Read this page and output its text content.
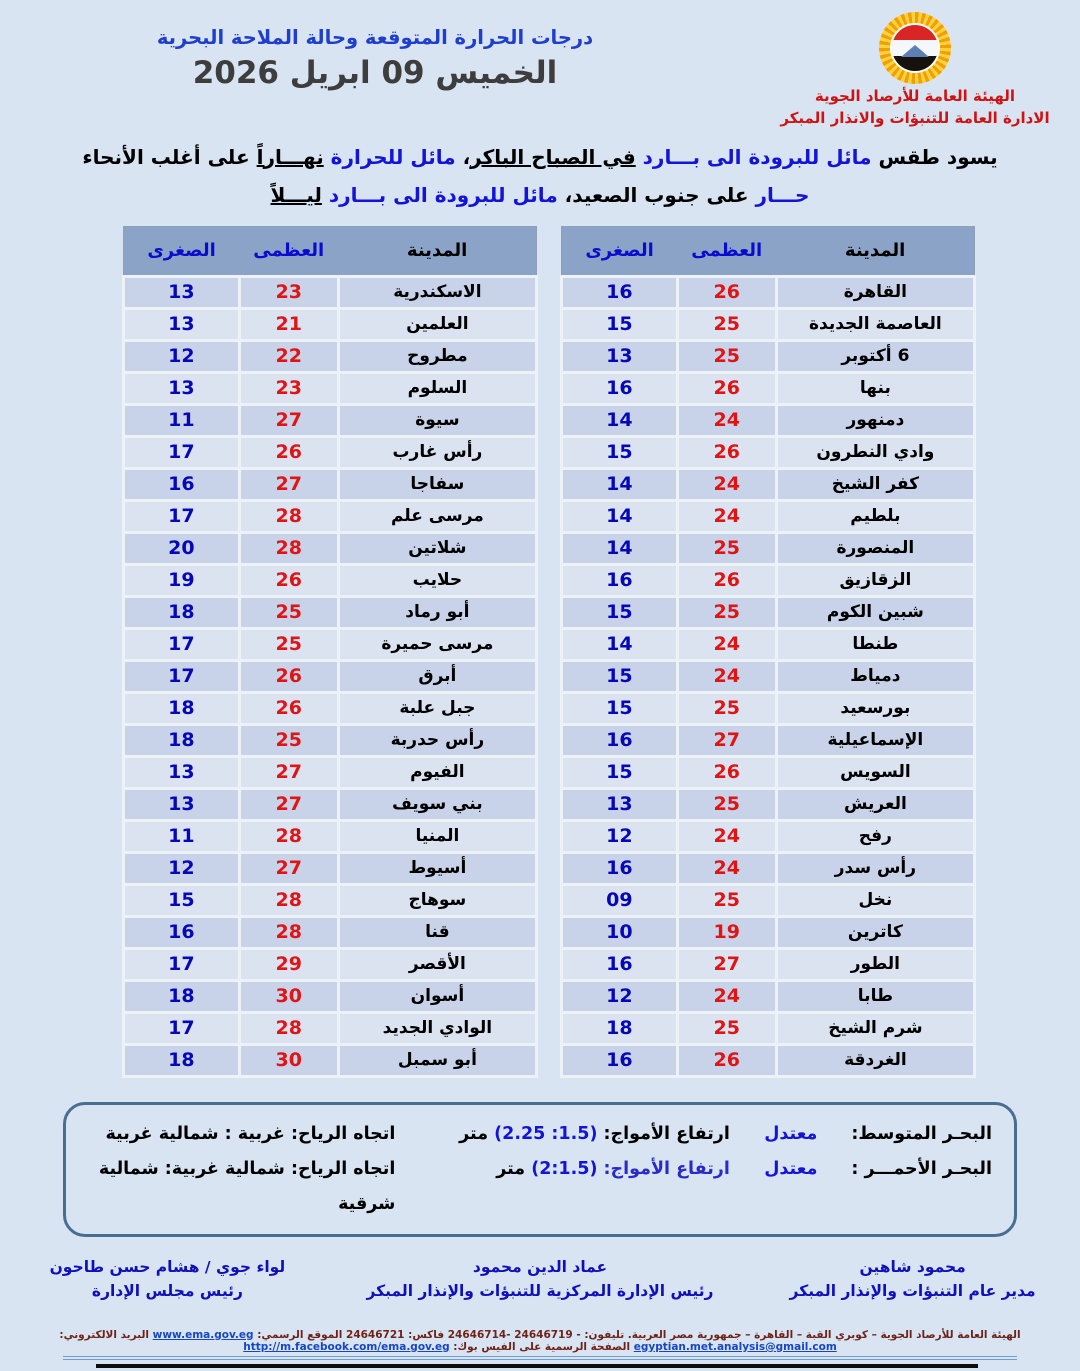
الهيئة العامة للأرصاد الجوية
الادارة العامة للتنبؤات والانذار المبكر
درجات الحرارة المتوقعة وحالة الملاحة البحرية
الخميس 09 ابريل 2026
يسود طقس مائل للبرودة الى بـــارد في الصباح الباكر، مائل للحرارة نهـــاراً على أغلب الأنحاء
حـــار على جنوب الصعيد، مائل للبرودة الى بـــارد ليـــلاً
المدينة	العظمى	الصغرى
القاهرة	26	16
العاصمة الجديدة	25	15
6 أكتوبر	25	13
بنها	26	16
دمنهور	24	14
وادي النطرون	26	15
كفر الشيخ	24	14
بلطيم	24	14
المنصورة	25	14
الزقازيق	26	16
شبين الكوم	25	15
طنطا	24	14
دمياط	24	15
بورسعيد	25	15
الإسماعيلية	27	16
السويس	26	15
العريش	25	13
رفح	24	12
رأس سدر	24	16
نخل	25	09
كاترين	19	10
الطور	27	16
طابا	24	12
شرم الشيخ	25	18
الغردقة	26	16
المدينة	العظمى	الصغرى
الاسكندرية	23	13
العلمين	21	13
مطروح	22	12
السلوم	23	13
سيوة	27	11
رأس غارب	26	17
سفاجا	27	16
مرسى علم	28	17
شلاتين	28	20
حلايب	26	19
أبو رماد	25	18
مرسى حميرة	25	17
أبرق	26	17
جبل علبة	26	18
رأس حدربة	25	18
الفيوم	27	13
بني سويف	27	13
المنيا	28	11
أسيوط	27	12
سوهاج	28	15
قنا	28	16
الأقصر	29	17
أسوان	30	18
الوادي الجديد	28	17
أبو سمبل	30	18
البحـر المتوسط:
معتدل
ارتفاع الأمواج: (1.5: 2.25) متر
اتجاه الرياح: غربية : شمالية غربية
البحـر الأحمـــر :
معتدل
ارتفاع الأمواج: (2:1.5) متر
اتجاه الرياح: شمالية غربية: شمالية شرقية
محمود شاهين
مدير عام التنبؤات والإنذار المبكر
عماد الدين محمود
رئيس الإدارة المركزية للتنبؤات والإنذار المبكر
لواء جوي / هشام حسن طاحون
رئيس مجلس الإدارة
الهيئة العامة للأرصاد الجوية – كوبري القبة – القاهرة – جمهورية مصر العربية. تليفون: - 24646719 -24646714 فاكس: 24646721 الموقع الرسمي: www.ema.gov.eg البريد الالكتروني: egyptian.met.analysis@gmail.com الصفحة الرسمية على الفيس بوك: http://m.facebook.com/ema.gov.eg
